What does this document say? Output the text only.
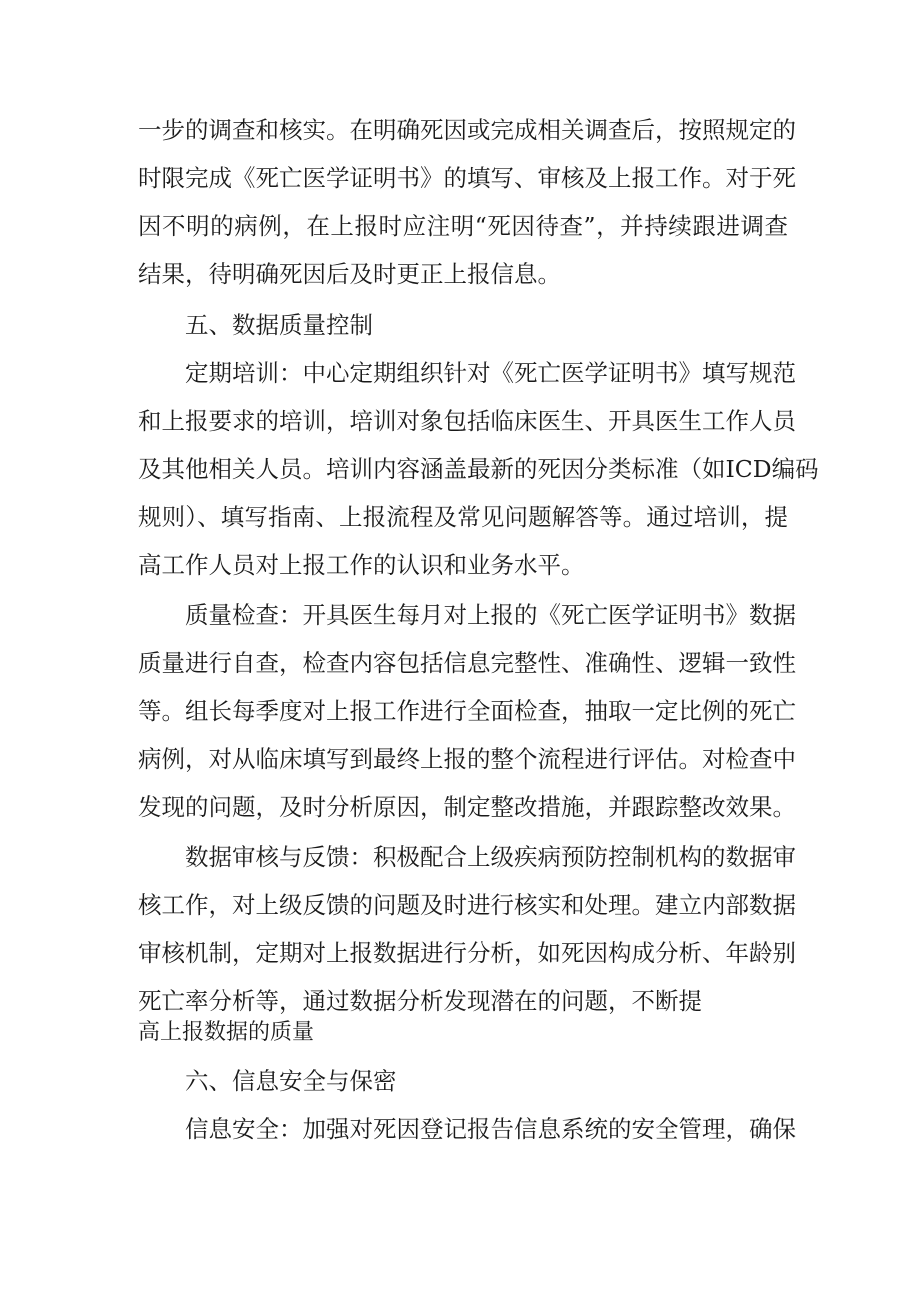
一步的调查和核实。在明确死因或完成相关调查后，按照规定的
时限完成《死亡医学证明书》的填写、审核及上报工作。对于死
因不明的病例，在上报时应注明“死因待查”，并持续跟进调查
结果，待明确死因后及时更正上报信息。
五、数据质量控制
定期培训：中心定期组织针对《死亡医学证明书》填写规范
和上报要求的培训，培训对象包括临床医生、开具医生工作人员
及其他相关人员。培训内容涵盖最新的死因分类标准（如ICD编码
规则）、填写指南、上报流程及常见问题解答等。通过培训，提
高工作人员对上报工作的认识和业务水平。
质量检查：开具医生每月对上报的《死亡医学证明书》数据
质量进行自查，检查内容包括信息完整性、准确性、逻辑一致性
等。组长每季度对上报工作进行全面检查，抽取一定比例的死亡
病例，对从临床填写到最终上报的整个流程进行评估。对检查中
发现的问题，及时分析原因，制定整改措施，并跟踪整改效果。
数据审核与反馈：积极配合上级疾病预防控制机构的数据审
核工作，对上级反馈的问题及时进行核实和处理。建立内部数据
审核机制，定期对上报数据进行分析，如死因构成分析、年龄别
死亡率分析等，通过数据分析发现潜在的问题，不断提
高上报数据的质量
六、信息安全与保密
信息安全：加强对死因登记报告信息系统的安全管理，确保
